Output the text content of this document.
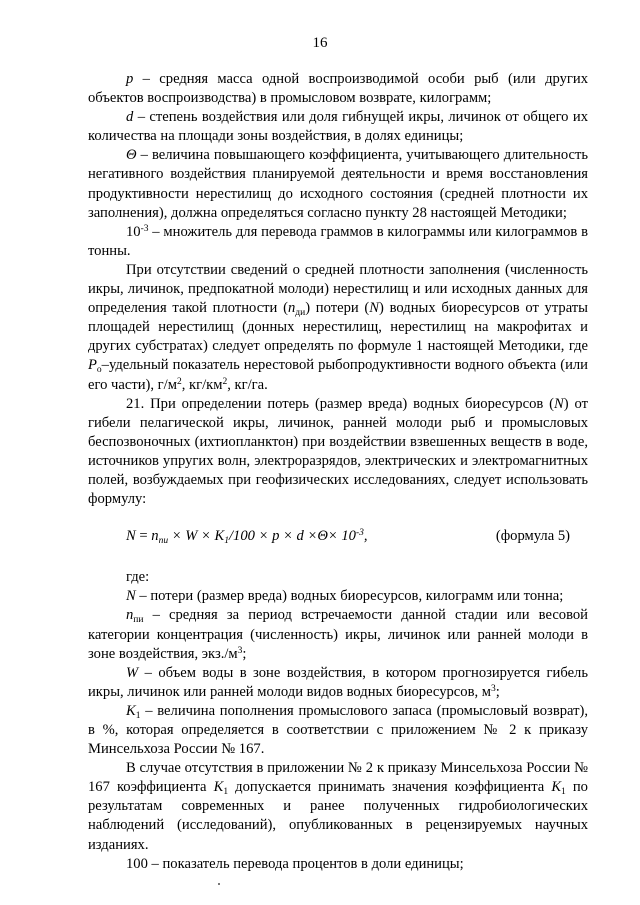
16

p – средняя масса одной воспроизводимой особи рыб (или других объектов воспроизводства) в промысловом возврате, килограмм;

d – степень воздействия или доля гибнущей икры, личинок от общего их количества на площади зоны воздействия, в долях единицы;

Θ – величина повышающего коэффициента, учитывающего длительность негативного воздействия планируемой деятельности и время восстановления продуктивности нерестилищ до исходного состояния (средней плотности их заполнения), должна определяться согласно пункту 28 настоящей Методики;

$10^{-3}$ – множитель для перевода граммов в килограммы или килограммов в тонны.

При отсутствии сведений о средней плотности заполнения (численность икры, личинок, предпокатной молоди) нерестилищ и или исходных данных для определения такой плотности $(n_{ди})$ потери (N) водных биоресурсов от утраты площадей нерестилищ (донных нерестилищ, нерестилищ на макрофитах и других субстратах) следует определять по формуле 1 настоящей Методики, где $P_о$–удельный показатель нерестовой рыбопродуктивности водного объекта (или его части), $г/м^2$, $кг/км^2$, кг/га.

21. При определении потерь (размер вреда) водных биоресурсов (N) от гибели пелагической икры, личинок, ранней молоди рыб и промысловых беспозвоночных (ихтиопланктон) при воздействии взвешенных веществ в воде, источников упругих волн, электроразрядов, электрических и электромагнитных полей, возбуждаемых при геофизических исследованиях, следует использовать формулу:

$N = n_{пи} \times W \times K_1/100 \times p \times d \times\Theta\times 10^{-3}$,	(формула 5)

где:

N – потери (размер вреда) водных биоресурсов, килограмм или тонна;

$n_{пи}$ – средняя за период встречаемости данной стадии или весовой категории концентрация (численность) икры, личинок или ранней молоди в зоне воздействия, $экз./м^3$;

W – объем воды в зоне воздействия, в котором прогнозируется гибель икры, личинок или ранней молоди видов водных биоресурсов, $м^3$;

$K_1$ – величина пополнения промыслового запаса (промысловый возврат), в %, которая определяется в соответствии с приложением № 2 к приказу Минсельхоза России № 167.

В случае отсутствия в приложении № 2 к приказу Минсельхоза России № 167 коэффициента $K_1$ допускается принимать значения коэффициента $K_1$ по результатам современных и ранее полученных гидробиологических наблюдений (исследований), опубликованных в рецензируемых научных изданиях.

100 – показатель перевода процентов в доли единицы;
